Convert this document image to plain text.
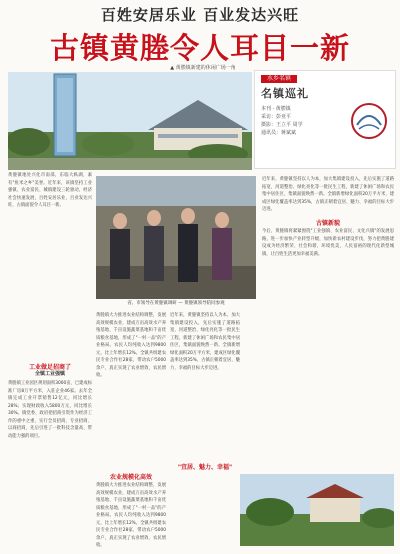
百姓安居乐业 百业发达兴旺
古镇黄塍令人耳目一新
▲ 黄塍镇新建的休闲广场一角
水乡名镇
名镇巡礼
本刊 · 黄塍镇
采访：彭亚平
摄影：王立平 周学
通讯员：蒋斌斌
黄塍镇地处兴化市南部，东临大纵湖，素有"鱼米之乡"美誉。近年来，该镇坚持工业强镇、农业富民、城镇建设三轮驱动，经济社会快速发展，百姓安居乐业，百业发达兴旺，古镇面貌令人耳目一新。
省、市领导在黄塍镇调研 — 黄塍镇领导陪同参观
工业做足招商了
全镇工业强镇
黄塍镇工业园区规划面积3000亩，已建成标准厂房8万平方米，入驻企业46家。去年全镇完成工业开票销售12亿元，同比增长28%；实现财政收入5800万元，同比增长30%。镇党委、政府把招商引资作为经济工作的重中之重，实行全员招商、专业招商、以商招商，先后引进了一批科技含量高、带动能力强的项目。
黄塍镇大力推进农业结构调整，发展高效规模农业，建成万亩高效水产养殖基地、千亩设施蔬菜基地和千亩优质粮食基地，形成了"一村一品"的产业格局。农民人均纯收入达到9800元，比上年增长12%。全镇共组建农民专业合作社28家，带动农户5000余户，真正实现了农业增效、农民增收。
农业规模化高效
黄塍镇大力推进农业结构调整，发展高效规模农业，建成万亩高效水产养殖基地、千亩设施蔬菜基地和千亩优质粮食基地，形成了"一村一品"的产业格局。农民人均纯收入达到9800元，比上年增长12%。全镇共组建农民专业合作社28家，带动农户5000余户，真正实现了农业增效、农民增收。
近年来，黄塍镇坚持以人为本，加大集镇建设投入，先后实施了道路拓宽、河道整治、绿化亮化等一批民生工程，新建了休闲广场和农民集中居住区，集镇面貌焕然一新。全镇新增绿化面积20万平方米，建成区绿化覆盖率达到35%，古镇正朝着宜居、魅力、幸福的目标大步迈进。
"宜居、魅力、幸福"
古镇新貌
近年来，黄塍镇坚持以人为本，加大集镇建设投入，先后实施了道路拓宽、河道整治、绿化亮化等一批民生工程，新建了休闲广场和农民集中居住区，集镇面貌焕然一新。全镇新增绿化面积20万平方米，建成区绿化覆盖率达到35%，古镇正朝着宜居、魅力、幸福的目标大步迈进。
今后，黄塍镇将紧紧围绕"工业强镇、农业富民、文化兴镇"的发展思路，进一步加快产业转型升级，加快新农村建设步伐，努力把黄塍建设成为经济繁荣、社会和谐、环境优美、人民富裕的现代化新型城镇，让百姓生活更加幸福美满。
